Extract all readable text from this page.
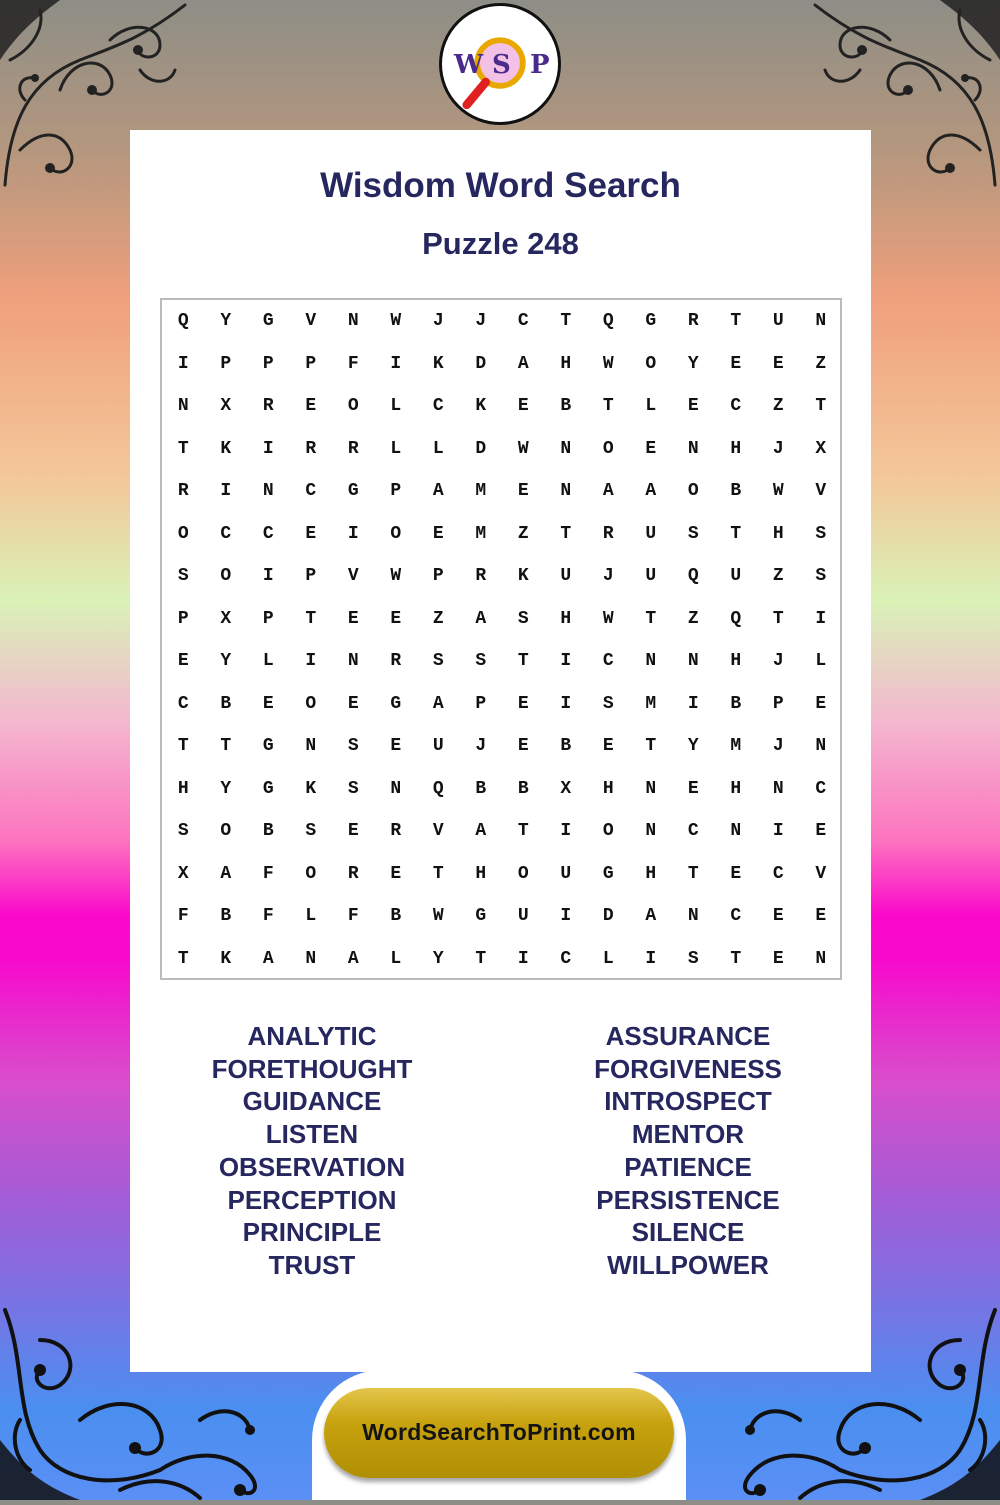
W S P
Wisdom Word Search
Puzzle 248
Q	Y	G	V	N	W	J	J	C	T	Q	G	R	T	U	N
I	P	P	P	F	I	K	D	A	H	W	O	Y	E	E	Z
N	X	R	E	O	L	C	K	E	B	T	L	E	C	Z	T
T	K	I	R	R	L	L	D	W	N	O	E	N	H	J	X
R	I	N	C	G	P	A	M	E	N	A	A	O	B	W	V
O	C	C	E	I	O	E	M	Z	T	R	U	S	T	H	S
S	O	I	P	V	W	P	R	K	U	J	U	Q	U	Z	S
P	X	P	T	E	E	Z	A	S	H	W	T	Z	Q	T	I
E	Y	L	I	N	R	S	S	T	I	C	N	N	H	J	L
C	B	E	O	E	G	A	P	E	I	S	M	I	B	P	E
T	T	G	N	S	E	U	J	E	B	E	T	Y	M	J	N
H	Y	G	K	S	N	Q	B	B	X	H	N	E	H	N	C
S	O	B	S	E	R	V	A	T	I	O	N	C	N	I	E
X	A	F	O	R	E	T	H	O	U	G	H	T	E	C	V
F	B	F	L	F	B	W	G	U	I	D	A	N	C	E	E
T	K	A	N	A	L	Y	T	I	C	L	I	S	T	E	N
ANALYTIC
FORETHOUGHT
GUIDANCE
LISTEN
OBSERVATION
PERCEPTION
PRINCIPLE
TRUST
ASSURANCE
FORGIVENESS
INTROSPECT
MENTOR
PATIENCE
PERSISTENCE
SILENCE
WILLPOWER
WordSearchToPrint.com
